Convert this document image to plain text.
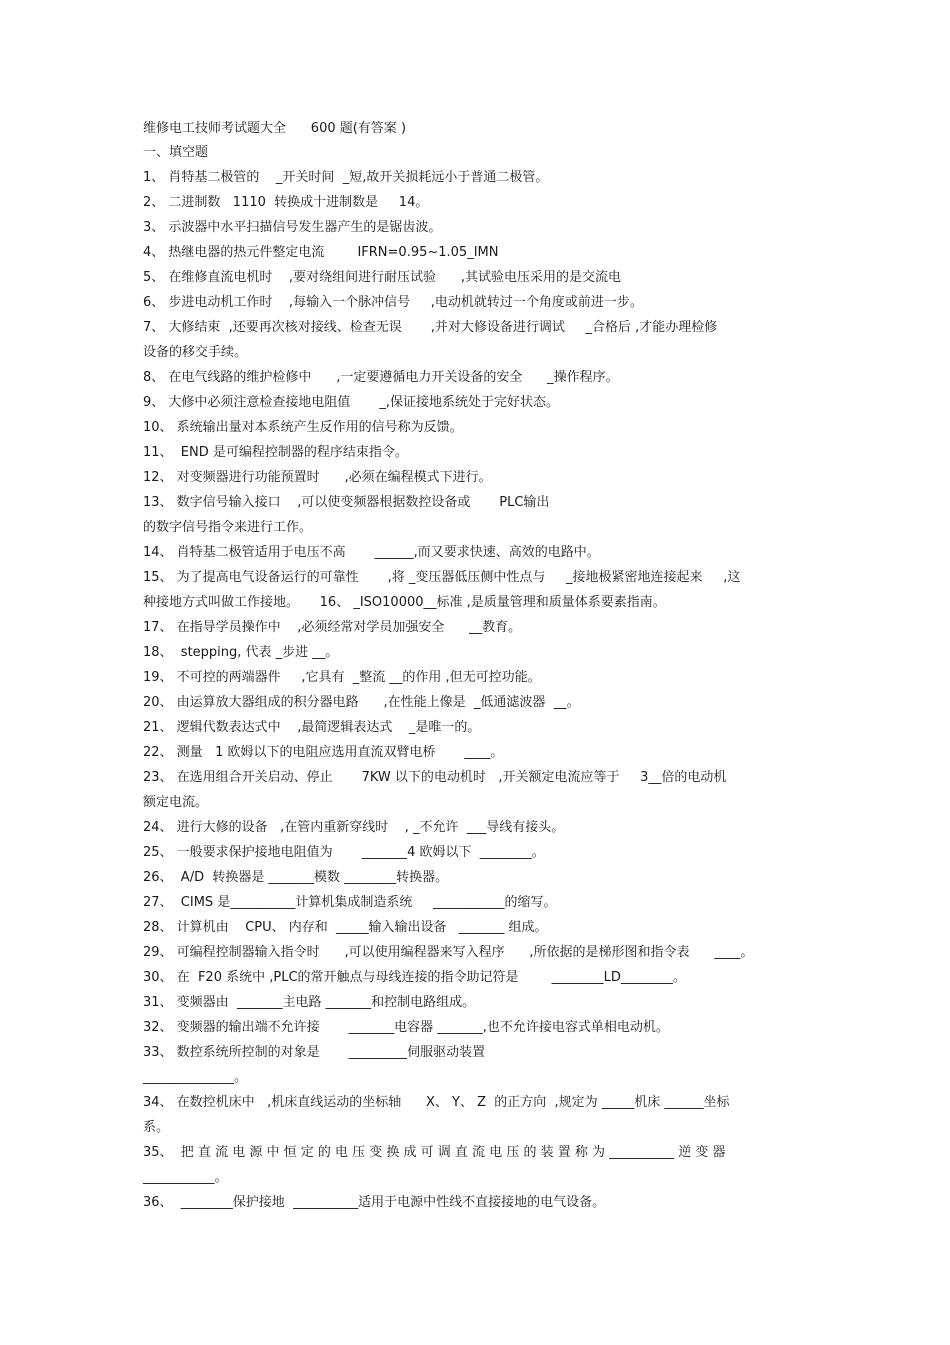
维修电工技师考试题大全      600 题(有答案 )

一、填空题

1、 肖特基二极管的    _开关时间  _短,故开关损耗远小于普通二极管。

2、 二进制数   1110  转换成十进制数是     14。

3、 示波器中水平扫描信号发生器产生的是锯齿波。

4、 热继电器的热元件整定电流        IFRN=0.95~1.05_IMN

5、 在维修直流电机时    ,要对绕组间进行耐压试验      ,其试验电压采用的是交流电

6、 步进电动机工作时    ,每输入一个脉冲信号     ,电动机就转过一个角度或前进一步。

7、 大修结束  ,还要再次核对接线、检查无误       ,并对大修设备进行调试     _合格后 ,才能办理检修

设备的移交手续。

8、 在电气线路的维护检修中      ,一定要遵循电力开关设备的安全      _操作程序。

9、 大修中必须注意检查接地电阻值       _,保证接地系统处于完好状态。

10、 系统输出量对本系统产生反作用的信号称为反馈。

11、  END 是可编程控制器的程序结束指令。

12、 对变频器进行功能预置时      ,必须在编程模式下进行。

13、 数字信号输入接口    ,可以使变频器根据数控设备或       PLC输出

的数字信号指令来进行工作。

14、 肖特基二极管适用于电压不高       ______,而又要求快速、高效的电路中。

15、 为了提高电气设备运行的可靠性       ,将 _变压器低压侧中性点与     _接地极紧密地连接起来     ,这

种接地方式叫做工作接地。     16、 _ISO10000__标准 ,是质量管理和质量体系要素指南。

17、 在指导学员操作中    ,必须经常对学员加强安全      __教育。

18、  stepping, 代表 _步进 __。

19、 不可控的两端器件     ,它具有  _整流 __的作用 ,但无可控功能。

20、 由运算放大器组成的积分器电路      ,在性能上像是  _低通滤波器  __。

21、 逻辑代数表达式中    ,最简逻辑表达式    _是唯一的。

22、 测量   1 欧姆以下的电阻应选用直流双臂电桥       ____。

23、 在选用组合开关启动、停止       7KW 以下的电动机时   ,开关额定电流应等于     3__倍的电动机

额定电流。

24、 进行大修的设备   ,在管内重新穿线时    , _不允许  ___导线有接头。

25、 一般要求保护接地电阻值为       _______4 欧姆以下  ________。

26、  A/D  转换器是 _______模数 ________转换器。

27、  CIMS 是__________计算机集成制造系统     ___________的缩写。

28、 计算机由    CPU、 内存和  _____输入输出设备   _______ 组成。

29、 可编程控制器输入指令时      ,可以使用编程器来写入程序      ,所依据的是梯形图和指令表      ____。

30、 在  F20 系统中 ,PLC的常开触点与母线连接的指令助记符是        ________LD________。

31、 变频器由  _______主电路 _______和控制电路组成。

32、 变频器的输出端不允许接       _______电容器 _______,也不允许接电容式单相电动机。

33、 数控系统所控制的对象是       _________伺服驱动装置

______________。

34、 在数控机床中   ,机床直线运动的坐标轴      X、 Y、 Z  的正方向  ,规定为 _____机床 ______坐标

系。

35、  把 直 流 电 源 中 恒 定 的 电 压 变 换 成 可 调 直 流 电 压 的 装 置 称 为 __________ 逆 变 器

___________。

36、  ________保护接地  __________适用于电源中性线不直接接地的电气设备。
